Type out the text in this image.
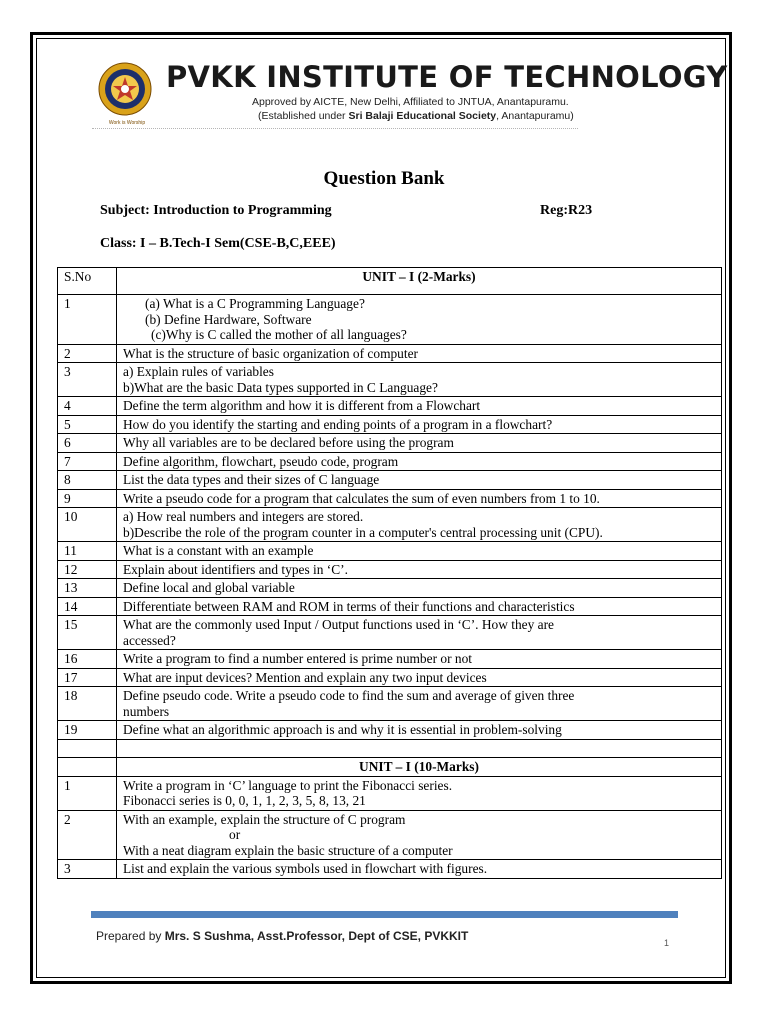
Work is Worship
PVKK INSTITUTE OF TECHNOLOGY
Approved by AICTE, New Delhi, Affiliated to JNTUA, Anantapuramu.
(Established under Sri Balaji Educational Society, Anantapuramu)
Question Bank
Subject: Introduction to Programming	Reg:R23
Class: I – B.Tech-I Sem(CSE-B,C,EEE)
S.No	UNIT – I (2-Marks)
1	(a) What is a C Programming Language?
(b) Define Hardware, Software
(c)Why is C called the mother of all languages?

2	What is the structure of basic organization of computer

3	a) Explain rules of variables
b)What are the basic Data types supported in C Language?

4	Define the term algorithm and how it is different from a Flowchart

5	How do you identify the starting and ending points of a program in a flowchart?

6	Why all variables are to be declared before using the program

7	Define algorithm, flowchart, pseudo code, program

8	List the data types and their sizes of C language

9	Write a pseudo code for a program that calculates the sum of even numbers from 1 to 10.

10	a) How real numbers and integers are stored.
b)Describe the role of the program counter in a computer's central processing unit (CPU).

11	What is a constant with an example

12	Explain about identifiers and types in ‘C’.

13	Define local and global variable

14	Differentiate between RAM and ROM in terms of their functions and characteristics

15	What are the commonly used Input / Output functions used in ‘C’. How they are
accessed?

16	Write a program to find a number entered is prime number or not

17	What are input devices? Mention and explain any two input devices

18	Define pseudo code. Write a pseudo code to find the sum and average of given three
numbers

19	Define what an algorithmic approach is and why it is essential in problem-solving

	UNIT – I (10-Marks)
1	Write a program in ‘C’ language to print the Fibonacci series.
Fibonacci series is 0, 0, 1, 1, 2, 3, 5, 8, 13, 21

2	With an example, explain the structure of C program
or
With a neat diagram explain the basic structure of a computer

3	List and explain the various symbols used in flowchart with figures.
Prepared by Mrs. S Sushma, Asst.Professor, Dept of CSE, PVKKIT	1
